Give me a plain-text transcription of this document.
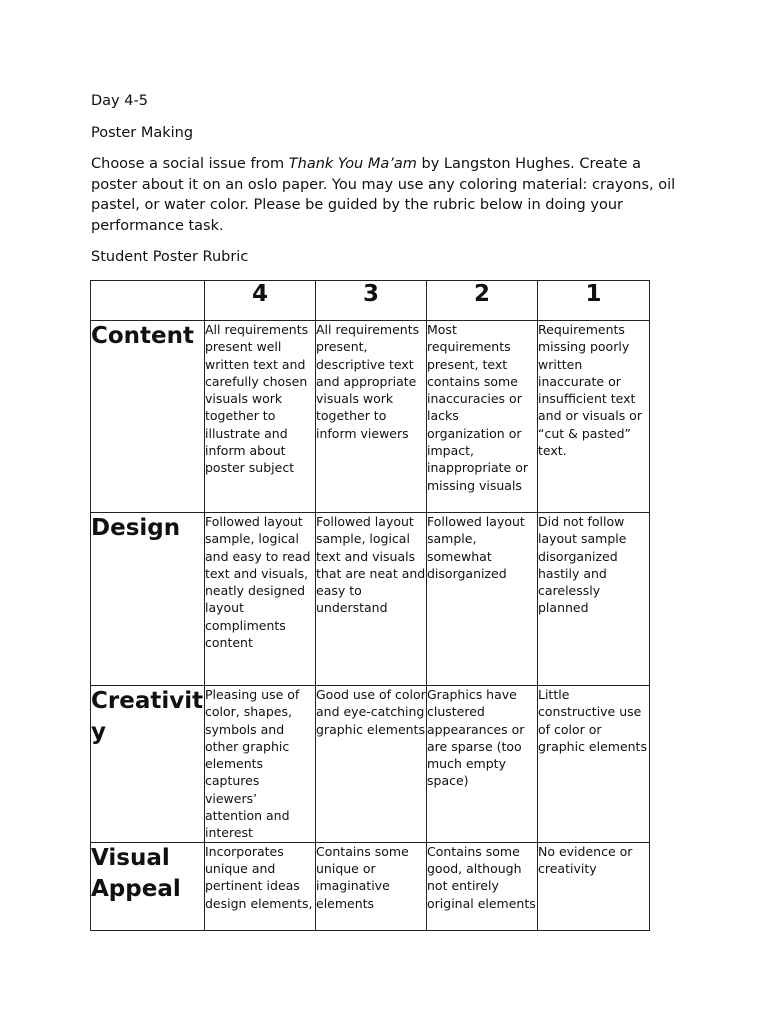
Day 4-5
Poster Making
Choose a social issue from Thank You Ma’am by Langston Hughes. Create a poster about it on an oslo paper. You may use any coloring material: crayons, oil pastel, or water color. Please be guided by the rubric below in doing your performance task.
Student Poster Rubric
	4	3	2	1
Content	All requirements present well written text and carefully chosen visuals work together to illustrate and inform about poster subject	All requirements present, descriptive text and appropriate visuals work together to inform viewers	Most requirements present, text contains some inaccuracies or lacks organization or impact, inappropriate or missing visuals	Requirements missing poorly written inaccurate or insufficient text and or visuals or “cut & pasted” text.
Design	Followed layout sample, logical and easy to read text and visuals, neatly designed layout compliments content	Followed layout sample, logical text and visuals that are neat and easy to understand	Followed layout sample, somewhat disorganized	Did not follow layout sample disorganized hastily and carelessly planned
Creativity	Pleasing use of color, shapes, symbols and other graphic elements captures viewers’ attention and interest	Good use of color and eye-catching graphic elements	Graphics have clustered appearances or are sparse (too much empty space)	Little constructive use of color or graphic elements
Visual Appeal	Incorporates unique and pertinent ideas design elements,	Contains some unique or imaginative elements	Contains some good, although not entirely original elements	No evidence or creativity
